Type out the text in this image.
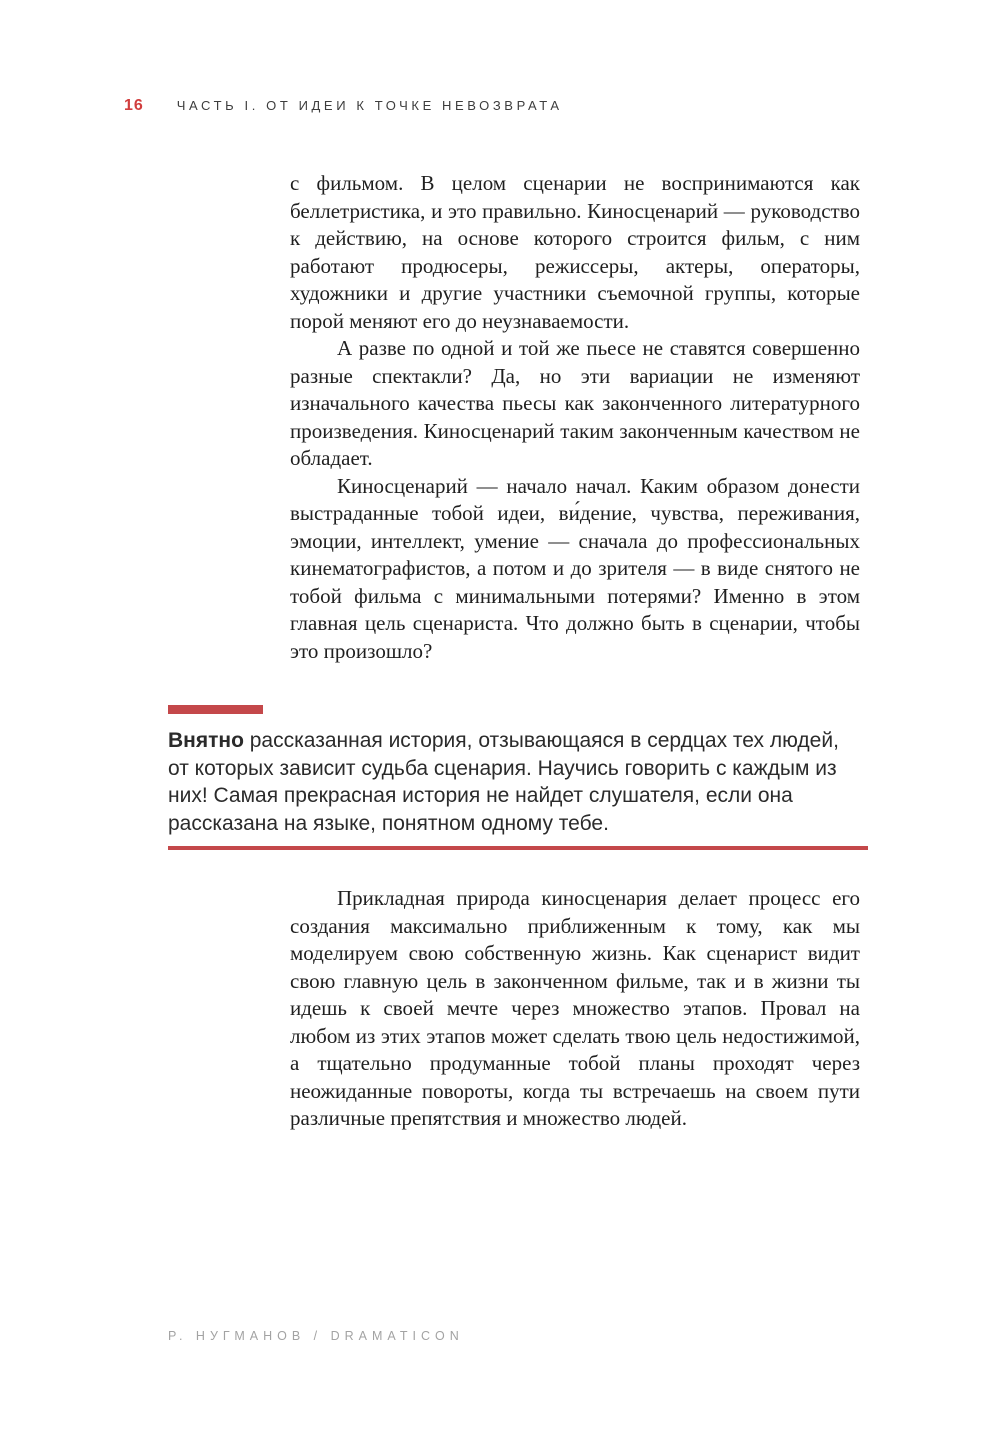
16	ЧАСТЬ I. ОТ ИДЕИ К ТОЧКЕ НЕВОЗВРАТА

с фильмом. В целом сценарии не воспринимаются как беллетристика, и это правильно. Киносценарий — руководство к действию, на основе которого строится фильм, с ним работают продюсеры, режиссеры, актеры, операторы, художники и другие участники съемочной группы, которые порой меняют его до неузнаваемости.

А разве по одной и той же пьесе не ставятся совершенно разные спектакли? Да, но эти вариации не изменяют изначального качества пьесы как законченного литературного произведения. Киносценарий таким законченным качеством не обладает.

Киносценарий — начало начал. Каким образом донести выстраданные тобой идеи, ви́дение, чувства, переживания, эмоции, интеллект, умение — сначала до профессиональных кинематографистов, а потом и до зрителя — в виде снятого не тобой фильма с минимальными потерями? Именно в этом главная цель сценариста. Что должно быть в сценарии, чтобы это произошло?

Внятно рассказанная история, отзывающаяся в сердцах тех людей, от которых зависит судьба сценария. Научись говорить с каждым из них! Самая прекрасная история не найдет слушателя, если она рассказана на языке, понятном одному тебе.

Прикладная природа киносценария делает процесс его создания максимально приближенным к тому, как мы моделируем свою собственную жизнь. Как сценарист видит свою главную цель в законченном фильме, так и в жизни ты идешь к своей мечте через множество этапов. Провал на любом из этих этапов может сделать твою цель недостижимой, а тщательно продуманные тобой планы проходят через неожиданные повороты, когда ты встречаешь на своем пути различные препятствия и множество людей.

Р. НУГМАНОВ / DRAMATICON
